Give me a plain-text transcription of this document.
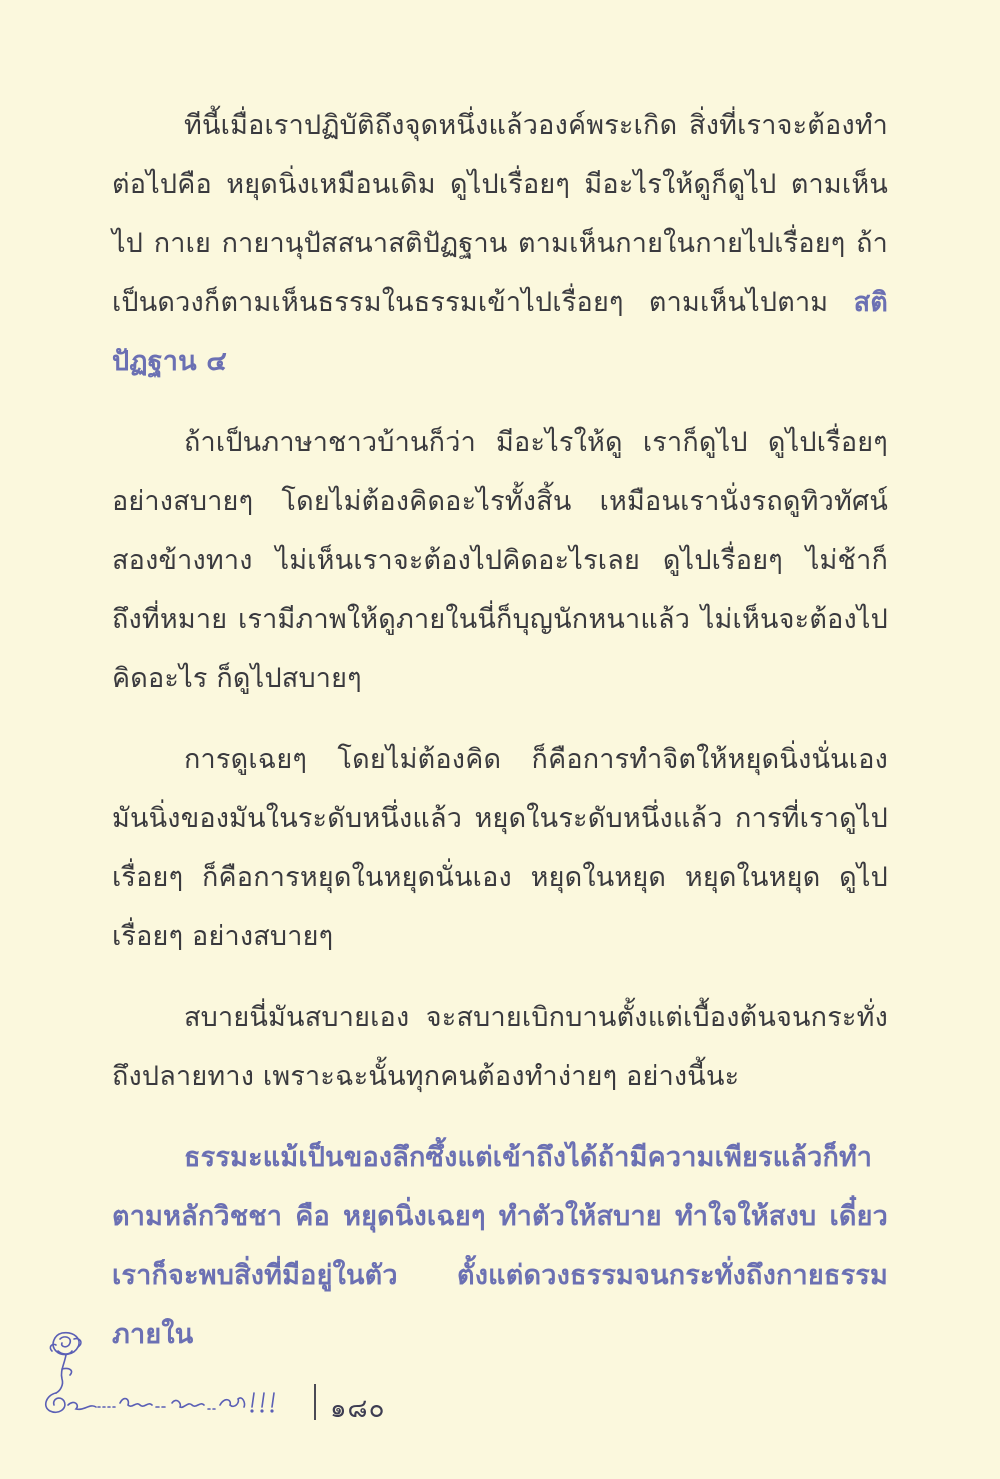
ทีนี้เมื่อเราปฏิบัติถึงจุดหนึ่งแล้วองค์พระเกิด สิ่งที่เราจะต้องทำต่อไปคือ หยุดนิ่งเหมือนเดิม ดูไปเรื่อยๆ มีอะไรให้ดูก็ดูไป ตามเห็นไป กาเย กายานุปัสสนาสติปัฏฐาน ตามเห็นกายในกายไปเรื่อยๆ ถ้าเป็นดวงก็ตามเห็นธรรมในธรรมเข้าไปเรื่อยๆ ตามเห็นไปตาม สติปัฏฐาน ๔

ถ้าเป็นภาษาชาวบ้านก็ว่า มีอะไรให้ดู เราก็ดูไป ดูไปเรื่อยๆ อย่างสบายๆ โดยไม่ต้องคิดอะไรทั้งสิ้น เหมือนเรานั่งรถดูทิวทัศน์สองข้างทาง ไม่เห็นเราจะต้องไปคิดอะไรเลย ดูไปเรื่อยๆ ไม่ช้าก็ถึงที่หมาย เรามีภาพให้ดูภายในนี่ก็บุญนักหนาแล้ว ไม่เห็นจะต้องไปคิดอะไร ก็ดูไปสบายๆ

การดูเฉยๆ โดยไม่ต้องคิด ก็คือการทำจิตให้หยุดนิ่งนั่นเอง มันนิ่งของมันในระดับหนึ่งแล้ว หยุดในระดับหนึ่งแล้ว การที่เราดูไปเรื่อยๆ ก็คือการหยุดในหยุดนั่นเอง หยุดในหยุด หยุดในหยุด ดูไปเรื่อยๆ อย่างสบายๆ

สบายนี่มันสบายเอง จะสบายเบิกบานตั้งแต่เบื้องต้นจนกระทั่งถึงปลายทาง เพราะฉะนั้นทุกคนต้องทำง่ายๆ อย่างนี้นะ

ธรรมะแม้เป็นของลึกซึ้งแต่เข้าถึงได้ถ้ามีความเพียรแล้วก็ทำตามหลักวิชชา คือ หยุดนิ่งเฉยๆ ทำตัวให้สบาย ทำใจให้สงบ เดี๋ยวเราก็จะพบสิ่งที่มีอยู่ในตัว ตั้งแต่ดวงธรรมจนกระทั่งถึงกายธรรมภายใน

๑๘๐
